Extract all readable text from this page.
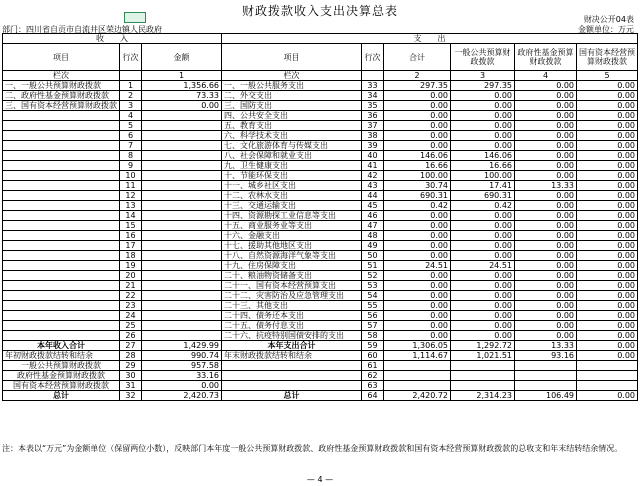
财政拨款收入支出决算总表
财决公开04表
部门：四川省自贡市自流井区荣边镇人民政府	金额单位：万元
收　　入			支　　出					
项目	行次	金额	项目	行次	合计	一般公共预算财政拨款	政府性基金预算财政拨款	国有资本经营预算财政拨款
栏次		1	栏次		2	3	4	5
一、一般公共预算财政拨款	1	1,356.66	一、一般公共服务支出	33	297.35	297.35	0.00	0.00
二、政府性基金预算财政拨款	2	73.33	二、外交支出	34	0.00	0.00	0.00	0.00
三、国有资本经营预算财政拨款	3	0.00	三、国防支出	35	0.00	0.00	0.00	0.00
	4		四、公共安全支出	36	0.00	0.00	0.00	0.00
	5		五、教育支出	37	0.00	0.00	0.00	0.00
	6		六、科学技术支出	38	0.00	0.00	0.00	0.00
	7		七、文化旅游体育与传媒支出	39	0.00	0.00	0.00	0.00
	8		八、社会保障和就业支出	40	146.06	146.06	0.00	0.00
	9		九、卫生健康支出	41	16.66	16.66	0.00	0.00
	10		十、节能环保支出	42	100.00	100.00	0.00	0.00
	11		十一、城乡社区支出	43	30.74	17.41	13.33	0.00
	12		十二、农林水支出	44	690.31	690.31	0.00	0.00
	13		十三、交通运输支出	45	0.42	0.42	0.00	0.00
	14		十四、资源勘探工业信息等支出	46	0.00	0.00	0.00	0.00
	15		十五、商业服务业等支出	47	0.00	0.00	0.00	0.00
	16		十六、金融支出	48	0.00	0.00	0.00	0.00
	17		十七、援助其他地区支出	49	0.00	0.00	0.00	0.00
	18		十八、自然资源海洋气象等支出	50	0.00	0.00	0.00	0.00
	19		十九、住房保障支出	51	24.51	24.51	0.00	0.00
	20		二十、粮油物资储备支出	52	0.00	0.00	0.00	0.00
	21		二十一、国有资本经营预算支出	53	0.00	0.00	0.00	0.00
	22		二十二、灾害防治及应急管理支出	54	0.00	0.00	0.00	0.00
	23		二十三、其他支出	55	0.00	0.00	0.00	0.00
	24		二十四、债务还本支出	56	0.00	0.00	0.00	0.00
	25		二十五、债务付息支出	57	0.00	0.00	0.00	0.00
	26		二十六、抗疫特别国债安排的支出	58	0.00	0.00	0.00	0.00
本年收入合计	27	1,429.99	本年支出合计	59	1,306.05	1,292.72	13.33	0.00
年初财政拨款结转和结余	28	990.74	年末财政拨款结转和结余	60	1,114.67	1,021.51	93.16	0.00
一般公共预算财政拨款	29	957.58		61				
政府性基金预算财政拨款	30	33.16		62				
国有资本经营预算财政拨款	31	0.00		63				
总计	32	2,420.73	总计	64	2,420.72	2,314.23	106.49	0.00
注：本表以“万元”为金额单位（保留两位小数），反映部门本年度一般公共预算财政拨款、政府性基金预算财政拨款和国有资本经营预算财政拨款的总收支和年末结转结余情况。
— 4 —
